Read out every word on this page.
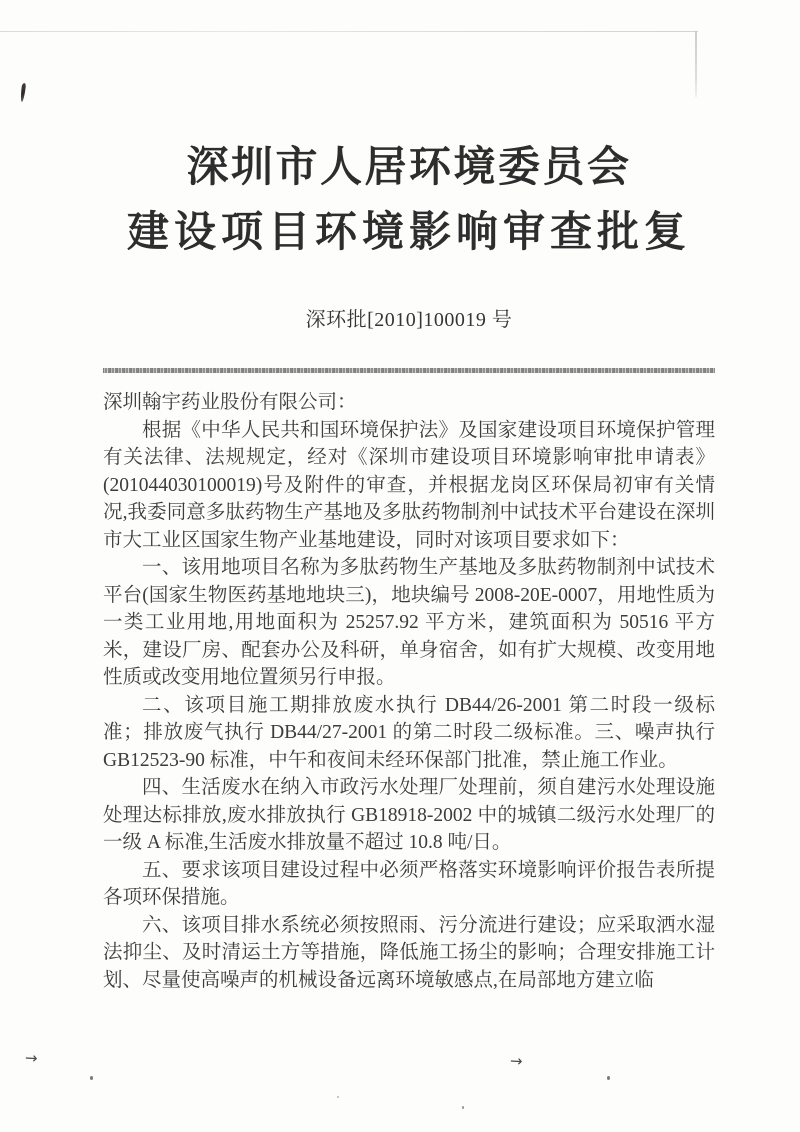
深圳市人居环境委员会
建设项目环境影响审查批复
深环批[2010]100019 号

深圳翰宇药业股份有限公司：

根据《中华人民共和国环境保护法》及国家建设项目环境保护管理有关法律、法规规定，经对《深圳市建设项目环境影响审批申请表》(201044030100019)号及附件的审查，并根据龙岗区环保局初审有关情况,我委同意多肽药物生产基地及多肽药物制剂中试技术平台建设在深圳市大工业区国家生物产业基地建设，同时对该项目要求如下：

一、该用地项目名称为多肽药物生产基地及多肽药物制剂中试技术平台(国家生物医药基地地块三)，地块编号 2008-20E-0007，用地性质为一类工业用地,用地面积为 25257.92 平方米，建筑面积为 50516 平方米，建设厂房、配套办公及科研，单身宿舍，如有扩大规模、改变用地性质或改变用地位置须另行申报。

二、该项目施工期排放废水执行 DB44/26-2001 第二时段一级标准；排放废气执行 DB44/27-2001 的第二时段二级标准。三、噪声执行 GB12523-90 标准，中午和夜间未经环保部门批准，禁止施工作业。

四、生活废水在纳入市政污水处理厂处理前，须自建污水处理设施处理达标排放,废水排放执行 GB18918-2002 中的城镇二级污水处理厂的一级 A 标准,生活废水排放量不超过 10.8 吨/日。

五、要求该项目建设过程中必须严格落实环境影响评价报告表所提各项环保措施。

六、该项目排水系统必须按照雨、污分流进行建设；应采取洒水湿法抑尘、及时清运土方等措施，降低施工扬尘的影响；合理安排施工计划、尽量使高噪声的机械设备远离环境敏感点,在局部地方建立临

→	→
